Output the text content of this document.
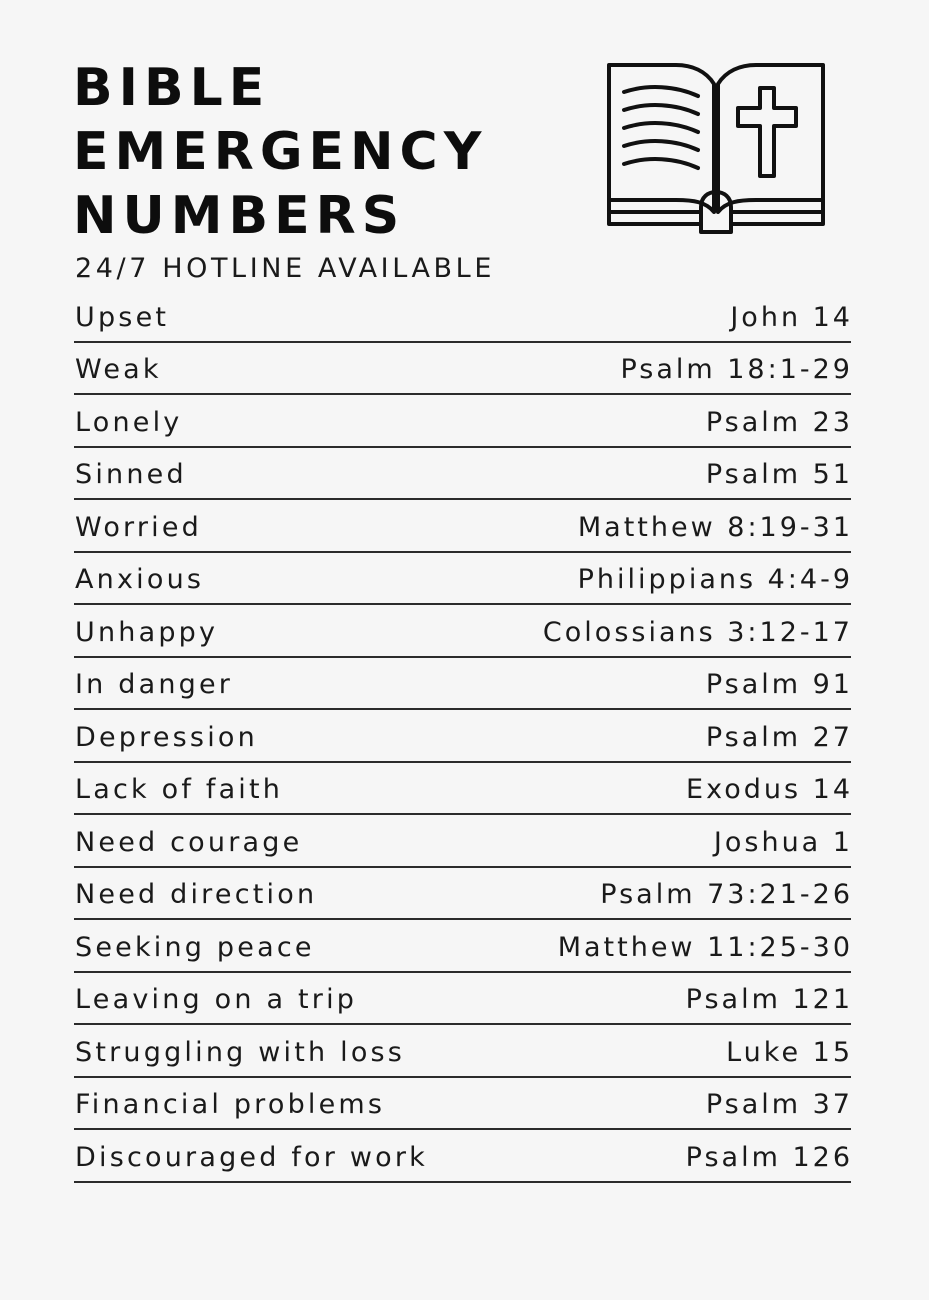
BIBLE
EMERGENCY
NUMBERS
24/7 HOTLINE AVAILABLE
Upset	John 14
Weak	Psalm 18:1-29
Lonely	Psalm 23
Sinned	Psalm 51
Worried	Matthew 8:19-31
Anxious	Philippians 4:4-9
Unhappy	Colossians 3:12-17
In danger	Psalm 91
Depression	Psalm 27
Lack of faith	Exodus 14
Need courage	Joshua 1
Need direction	Psalm 73:21-26
Seeking peace	Matthew 11:25-30
Leaving on a trip	Psalm 121
Struggling with loss	Luke 15
Financial problems	Psalm 37
Discouraged for work	Psalm 126
